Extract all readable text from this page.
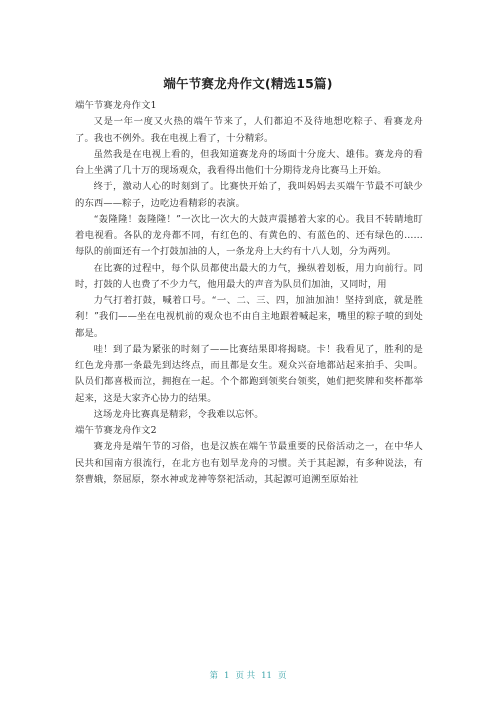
端午节赛龙舟作文(精选15篇)

端午节赛龙舟作文1

又是一年一度又火热的端午节来了，人们都迫不及待地想吃粽子、看赛龙舟了。我也不例外。我在电视上看了，十分精彩。

虽然我是在电视上看的，但我知道赛龙舟的场面十分庞大、雄伟。赛龙舟的看台上坐满了几十万的现场观众，我看得出他们十分期待龙舟比赛马上开始。

终于，激动人心的时刻到了。比赛快开始了，我叫妈妈去买端午节最不可缺少的东西——粽子，边吃边看精彩的表演。

“轰隆隆！轰隆隆！”一次比一次大的大鼓声震撼着大家的心。我目不转睛地盯着电视看。各队的龙舟都不同，有红色的、有黄色的、有蓝色的、还有绿色的……每队的前面还有一个打鼓加油的人，一条龙舟上大约有十八人划，分为两列。

在比赛的过程中，每个队员都使出最大的力气，操纵着划板，用力向前行。同时，打鼓的人也费了不少力气，他用最大的声音为队员们加油，又同时，用

力气打着打鼓，喊着口号。“一、二、三、四，加油加油！坚持到底，就是胜利！”我们——坐在电视机前的观众也不由自主地跟着喊起来，嘴里的粽子喷的到处都是。

哇！到了最为紧张的时刻了——比赛结果即将揭晓。卡！我看见了，胜利的是红色龙舟那一条最先到达终点，而且都是女生。观众兴奋地都站起来拍手、尖叫。队员们都喜极而泣，拥抱在一起。个个都跑到领奖台领奖，她们把奖牌和奖杯都举起来，这是大家齐心协力的结果。

这场龙舟比赛真是精彩，令我难以忘怀。

端午节赛龙舟作文2

赛龙舟是端午节的习俗，也是汉族在端午节最重要的民俗活动之一，在中华人民共和国南方很流行，在北方也有划旱龙舟的习惯。关于其起源，有多种说法，有祭曹娥，祭屈原，祭水神或龙神等祭祀活动，其起源可追溯至原始社

第 1 页 共 11 页
